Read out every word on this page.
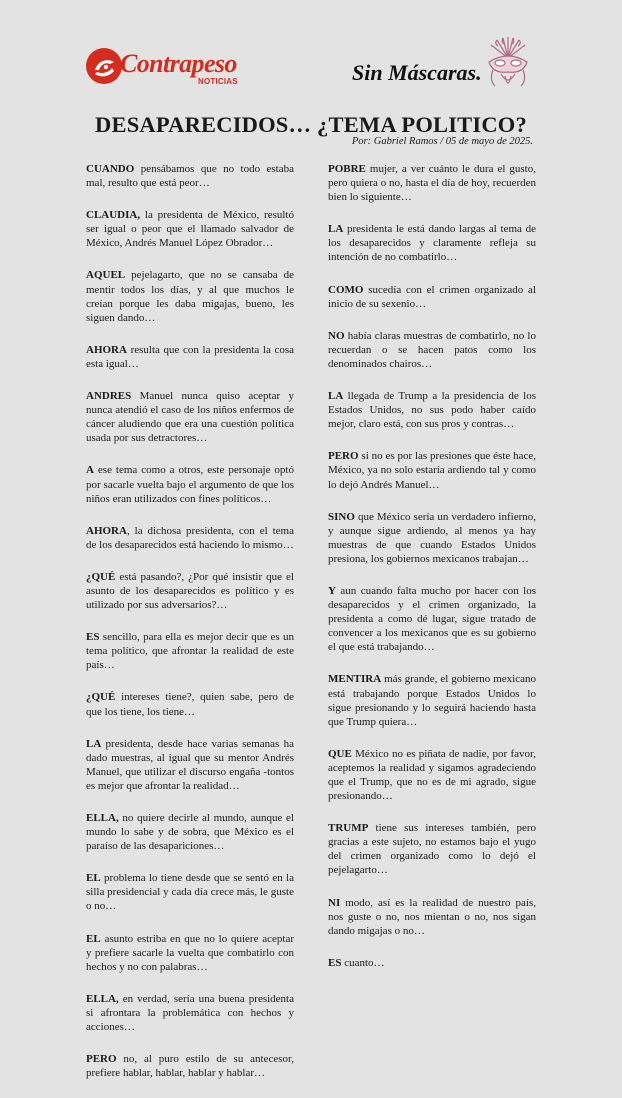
Contrapeso
NOTICIAS	Sin Máscaras.
DESAPARECIDOS… ¿TEMA POLITICO?
Por: Gabriel Ramos / 05 de mayo de 2025.

CUANDO pensábamos que no todo estaba mal, resulto que está peor…

CLAUDIA, la presidenta de México, resultó ser igual o peor que el llamado salvador de México, Andrés Manuel López Obrador…

AQUEL pejelagarto, que no se cansaba de mentir todos los días, y al que muchos le creían porque les daba migajas, bueno, les siguen dando…

AHORA resulta que con la presidenta la cosa esta igual…

ANDRES Manuel nunca quiso aceptar y nunca atendió el caso de los niños enfermos de cáncer aludiendo que era una cuestión política usada por sus detractores…

A ese tema como a otros, este personaje optó por sacarle vuelta bajo el argumento de que los niños eran utilizados con fines políticos…

AHORA, la dichosa presidenta, con el tema de los desaparecidos está haciendo lo mismo…

¿QUÉ está pasando?, ¿Por qué insistir que el asunto de los desaparecidos es político y es utilizado por sus adversarios?…

ES sencillo, para ella es mejor decir que es un tema político, que afrontar la realidad de este país…

¿QUÉ intereses tiene?, quien sabe, pero de que los tiene, los tiene…

LA presidenta, desde hace varias semanas ha dado muestras, al igual que su mentor Andrés Manuel, que utilizar el discurso engaña -tontos es mejor que afrontar la realidad…

ELLA, no quiere decirle al mundo, aunque el mundo lo sabe y de sobra, que México es el paraíso de las desapariciones…

EL problema lo tiene desde que se sentó en la silla presidencial y cada día crece más, le guste o no…

EL asunto estriba en que no lo quiere aceptar y prefiere sacarle la vuelta que combatirlo con hechos y no con palabras…

ELLA, en verdad, sería una buena presidenta si afrontara la problemática con hechos y acciones…

PERO no, al puro estilo de su antecesor, prefiere hablar, hablar, hablar y hablar…

POBRE mujer, a ver cuánto le dura el gusto, pero quiera o no, hasta el día de hoy, recuerden bien lo siguiente…

LA presidenta le está dando largas al tema de los desaparecidos y claramente refleja su intención de no combatirlo…

COMO sucedía con el crimen organizado al inicio de su sexenio…

NO había claras muestras de combatirlo, no lo recuerdan o se hacen patos como los denominados chairos…

LA llegada de Trump a la presidencia de los Estados Unidos, no sus podo haber caído mejor, claro está, con sus pros y contras…

PERO si no es por las presiones que éste hace, México, ya no solo estaría ardiendo tal y como lo dejó Andrés Manuel…

SINO que México sería un verdadero infierno, y aunque sigue ardiendo, al menos ya hay muestras de que cuando Estados Unidos presiona, los gobiernos mexicanos trabajan…

Y aun cuando falta mucho por hacer con los desaparecidos y el crimen organizado, la presidenta a como dé lugar, sigue tratado de convencer a los mexicanos que es su gobierno el que está trabajando…

MENTIRA más grande, el gobierno mexicano está trabajando porque Estados Unidos lo sigue presionando y lo seguirá haciendo hasta que Trump quiera…

QUE México no es piñata de nadie, por favor, aceptemos la realidad y sigamos agradeciendo que el Trump, que no es de mi agrado, sigue presionando…

TRUMP tiene sus intereses también, pero gracias a este sujeto, no estamos bajo el yugo del crimen organizado como lo dejó el pejelagarto…

NI modo, así es la realidad de nuestro país, nos guste o no, nos mientan o no, nos sigan dando migajas o no…

ES cuanto…
